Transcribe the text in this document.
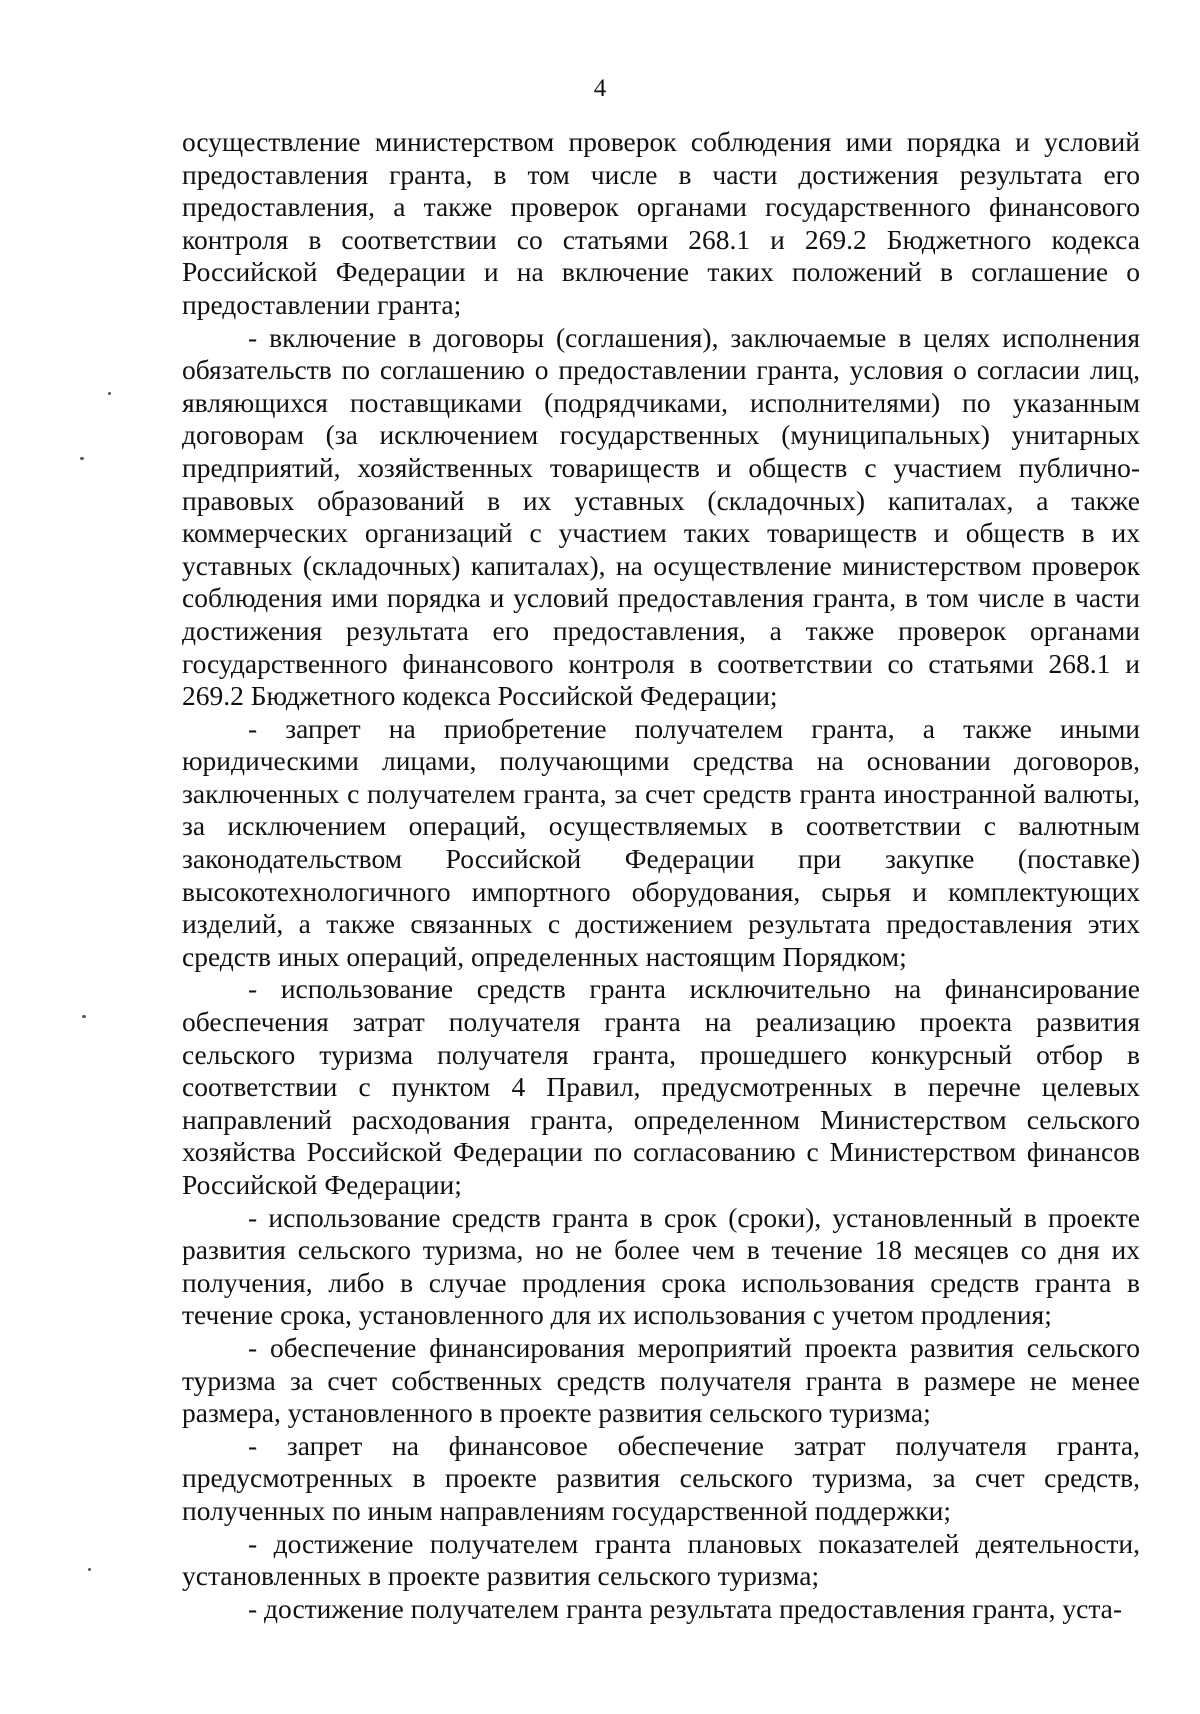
4

осуществление министерством проверок соблюдения ими порядка и условий предоставления гранта, в том числе в части достижения результата его предоставления, а также проверок органами государственного финансового контроля в соответствии со статьями 268.1 и 269.2 Бюджетного кодекса Российской Федерации и на включение таких положений в соглашение о предоставлении гранта;

- включение в договоры (соглашения), заключаемые в целях исполнения обязательств по соглашению о предоставлении гранта, условия о согласии лиц, являющихся поставщиками (подрядчиками, исполнителями) по указанным договорам (за исключением государственных (муниципальных) унитарных предприятий, хозяйственных товариществ и обществ с участием публично-правовых образований в их уставных (складочных) капиталах, а также коммерческих организаций с участием таких товариществ и обществ в их уставных (складочных) капиталах), на осуществление министерством проверок соблюдения ими порядка и условий предоставления гранта, в том числе в части достижения результата его предоставления, а также проверок органами государственного финансового контроля в соответствии со статьями 268.1 и 269.2 Бюджетного кодекса Российской Федерации;

- запрет на приобретение получателем гранта, а также иными юридическими лицами, получающими средства на основании договоров, заключенных с получателем гранта, за счет средств гранта иностранной валюты, за исключением операций, осуществляемых в соответствии с валютным законодательством Российской Федерации при закупке (поставке) высокотехнологичного импортного оборудования, сырья и комплектующих изделий, а также связанных с достижением результата предоставления этих средств иных операций, определенных настоящим Порядком;

- использование средств гранта исключительно на финансирование обеспечения затрат получателя гранта на реализацию проекта развития сельского туризма получателя гранта, прошедшего конкурсный отбор в соответствии с пунктом 4 Правил, предусмотренных в перечне целевых направлений расходования гранта, определенном Министерством сельского хозяйства Российской Федерации по согласованию с Министерством финансов Российской Федерации;

- использование средств гранта в срок (сроки), установленный в проекте развития сельского туризма, но не более чем в течение 18 месяцев со дня их получения, либо в случае продления срока использования средств гранта в течение срока, установленного для их использования с учетом продления;

- обеспечение финансирования мероприятий проекта развития сельского туризма за счет собственных средств получателя гранта в размере не менее размера, установленного в проекте развития сельского туризма;

- запрет на финансовое обеспечение затрат получателя гранта, предусмотренных в проекте развития сельского туризма, за счет средств, полученных по иным направлениям государственной поддержки;

- достижение получателем гранта плановых показателей деятельности, установленных в проекте развития сельского туризма;

- достижение получателем гранта результата предоставления гранта, уста-
